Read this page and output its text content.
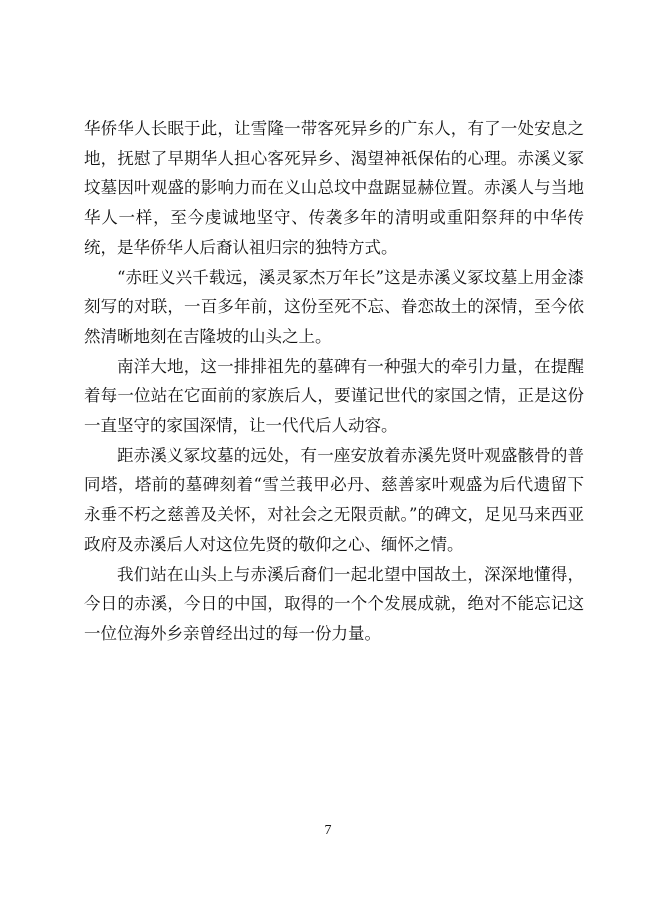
华侨华人长眠于此，让雪隆一带客死异乡的广东人，有了一处安息之地，抚慰了早期华人担心客死异乡、渴望神祇保佑的心理。赤溪义冢坟墓因叶观盛的影响力而在义山总坟中盘踞显赫位置。赤溪人与当地华人一样，至今虔诚地坚守、传袭多年的清明或重阳祭拜的中华传统，是华侨华人后裔认祖归宗的独特方式。

“赤旺义兴千载远，溪灵冢杰万年长”这是赤溪义冢坟墓上用金漆刻写的对联，一百多年前，这份至死不忘、眷恋故土的深情，至今依然清晰地刻在吉隆坡的山头之上。

南洋大地，这一排排祖先的墓碑有一种强大的牵引力量，在提醒着每一位站在它面前的家族后人，要谨记世代的家国之情，正是这份一直坚守的家国深情，让一代代后人动容。

距赤溪义冢坟墓的远处，有一座安放着赤溪先贤叶观盛骸骨的普同塔，塔前的墓碑刻着“雪兰莪甲必丹、慈善家叶观盛为后代遗留下永垂不朽之慈善及关怀，对社会之无限贡献。”的碑文，足见马来西亚政府及赤溪后人对这位先贤的敬仰之心、缅怀之情。

我们站在山头上与赤溪后裔们一起北望中国故土，深深地懂得，今日的赤溪，今日的中国，取得的一个个发展成就，绝对不能忘记这一位位海外乡亲曾经出过的每一份力量。

7
